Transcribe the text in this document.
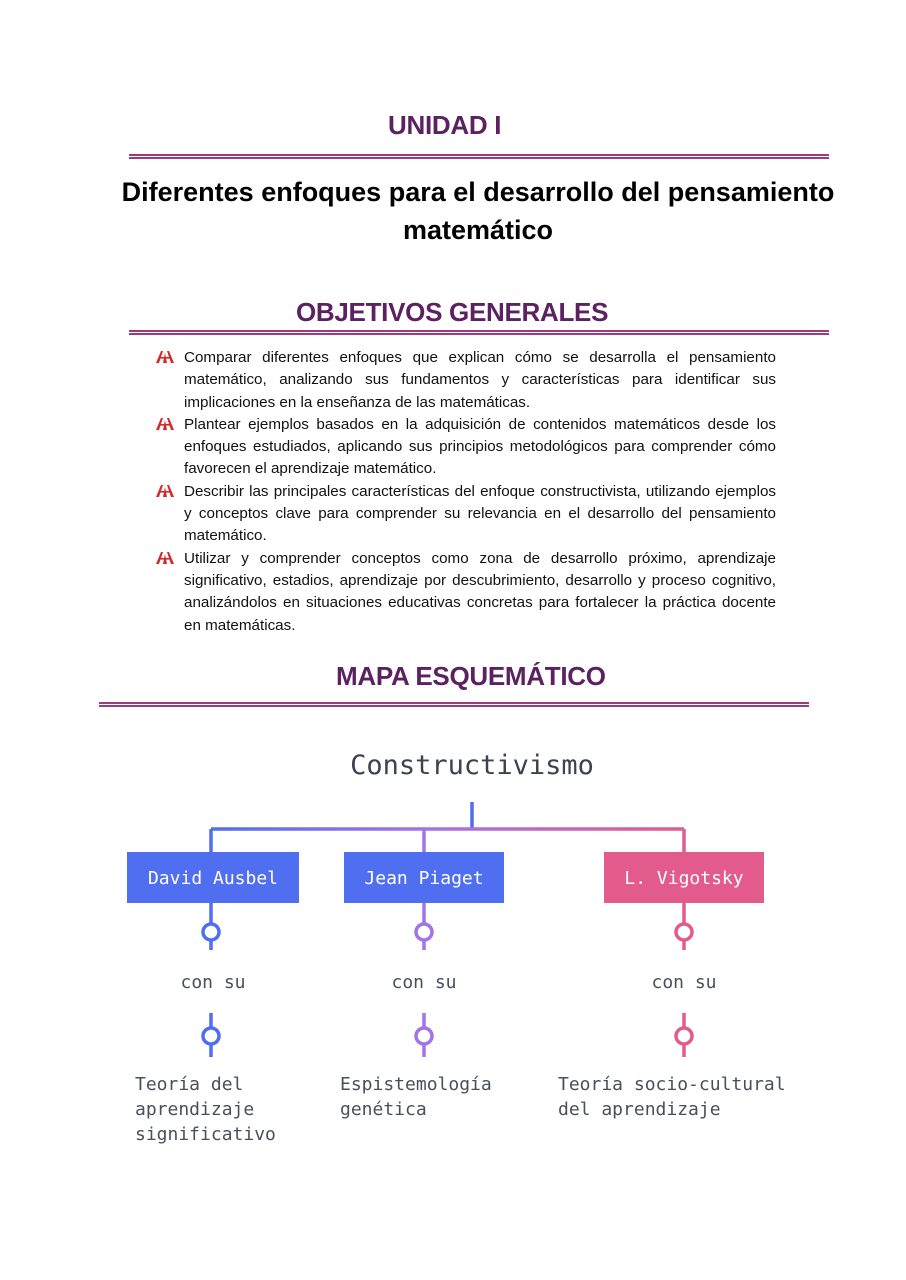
UNIDAD I
Diferentes enfoques para el desarrollo del pensamiento matemático
OBJETIVOS GENERALES
Comparar diferentes enfoques que explican cómo se desarrolla el pensamiento matemático, analizando sus fundamentos y características para identificar sus implicaciones en la enseñanza de las matemáticas.
Plantear ejemplos basados en la adquisición de contenidos matemáticos desde los enfoques estudiados, aplicando sus principios metodológicos para comprender cómo favorecen el aprendizaje matemático.
Describir las principales características del enfoque constructivista, utilizando ejemplos y conceptos clave para comprender su relevancia en el desarrollo del pensamiento matemático.
Utilizar y comprender conceptos como zona de desarrollo próximo, aprendizaje significativo, estadios, aprendizaje por descubrimiento, desarrollo y proceso cognitivo, analizándolos en situaciones educativas concretas para fortalecer la práctica docente en matemáticas.
MAPA ESQUEMÁTICO
Constructivismo
David Ausbel
con su
Jean Piaget
con su
L. Vigotsky
con su
Teoría del
aprendizaje
significativo
Espistemología
genética
Teoría socio-cultural
del aprendizaje
